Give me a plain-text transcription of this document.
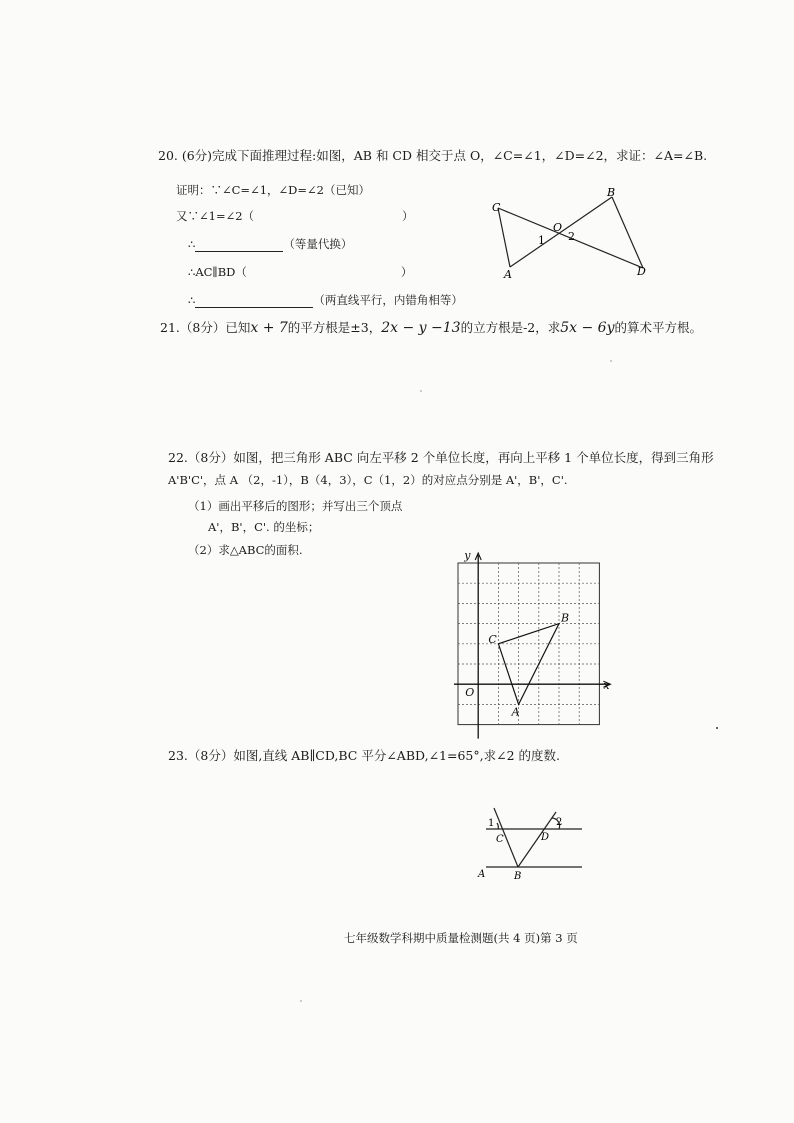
20. (6分)完成下面推理过程:如图，AB 和 CD 相交于点 O，∠C=∠1，∠D=∠2，求证：∠A=∠B.
证明：∵∠C=∠1，∠D=∠2（已知）
又∵∠1=∠2（	）
∴	（等量代换）
∴AC∥BD（	）
∴	（两直线平行，内错角相等）
C
B
O
1 2
A	D
21.（8分）已知x + 7的平方根是±3，2x − y −13的立方根是-2，求5x − 6y的算术平方根。
22.（8分）如图，把三角形 ABC 向左平移 2 个单位长度，再向上平移 1 个单位长度，得到三角形
A'B'C'，点 A （2，-1），B（4，3），C（1，2）的对应点分别是 A'，B'，C'.
（1）画出平移后的图形；并写出三个顶点
A'，B'，C'. 的坐标；
（2）求△ABC的面积.	y
x
O
A
B
C
23.（8分）如图,直线 AB∥CD,BC 平分∠ABD,∠1=65°,求∠2 的度数.
1	2
C	D
A	B
七年级数学科期中质量检测题(共 4 页)第 3 页
